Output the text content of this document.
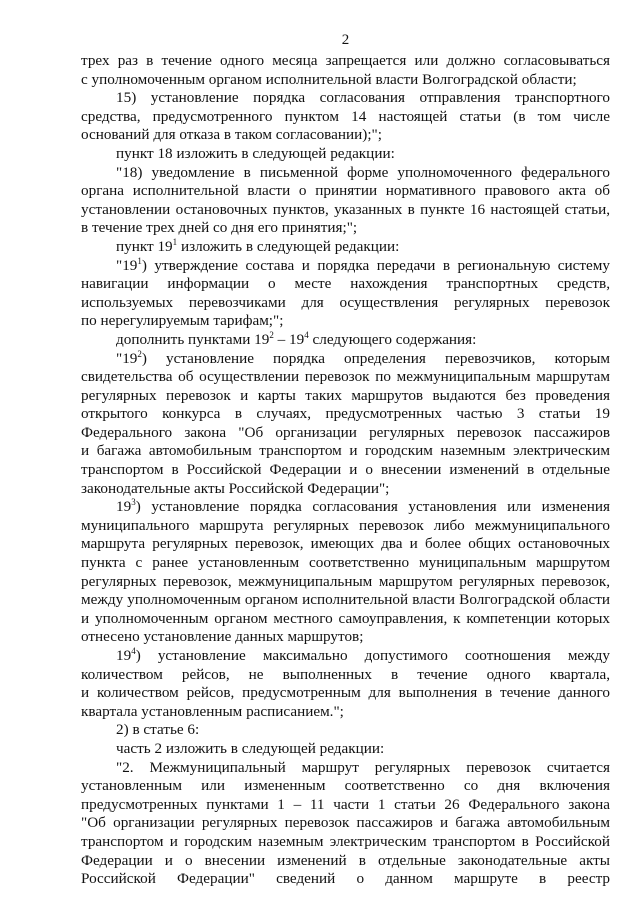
2

трех раз в течение одного месяца запрещается или должно согласовываться

с уполномоченным органом исполнительной власти Волгоградской области;

15) установление порядка согласования отправления транспортного

средства, предусмотренного пунктом 14 настоящей статьи (в том числе

оснований для отказа в таком согласовании);";

пункт 18 изложить в следующей редакции:

"18) уведомление в письменной форме уполномоченного федерального

органа исполнительной власти о принятии нормативного правового акта об

установлении остановочных пунктов, указанных в пункте 16 настоящей статьи,

в течение трех дней со дня его принятия;";

пункт $19^1$ изложить в следующей редакции:

"$19^1$) утверждение состава и порядка передачи в региональную систему

навигации информации о месте нахождения транспортных средств,

используемых перевозчиками для осуществления регулярных перевозок

по нерегулируемым тарифам;";

дополнить пунктами $19^2 - 19^4$ следующего содержания:

"$19^2$) установление порядка определения перевозчиков, которым

свидетельства об осуществлении перевозок по межмуниципальным маршрутам

регулярных перевозок и карты таких маршрутов выдаются без проведения

открытого конкурса в случаях, предусмотренных частью 3 статьи 19

Федерального закона "Об организации регулярных перевозок пассажиров

и багажа автомобильным транспортом и городским наземным электрическим

транспортом в Российской Федерации и о внесении изменений в отдельные

законодательные акты Российской Федерации";

$19^3$) установление порядка согласования установления или изменения

муниципального маршрута регулярных перевозок либо межмуниципального

маршрута регулярных перевозок, имеющих два и более общих остановочных

пункта с ранее установленным соответственно муниципальным маршрутом

регулярных перевозок, межмуниципальным маршрутом регулярных перевозок,

между уполномоченным органом исполнительной власти Волгоградской области

и уполномоченным органом местного самоуправления, к компетенции которых

отнесено установление данных маршрутов;

$19^4$) установление максимально допустимого соотношения между

количеством рейсов, не выполненных в течение одного квартала,

и количеством рейсов, предусмотренным для выполнения в течение данного

квартала установленным расписанием.";

2) в статье 6:

часть 2 изложить в следующей редакции:

"2. Межмуниципальный маршрут регулярных перевозок считается

установленным или измененным соответственно со дня включения

предусмотренных пунктами 1 – 11 части 1 статьи 26 Федерального закона

"Об организации регулярных перевозок пассажиров и багажа автомобильным

транспортом и городским наземным электрическим транспортом в Российской

Федерации и о внесении изменений в отдельные законодательные акты

Российской Федерации" сведений о данном маршруте в реестр
